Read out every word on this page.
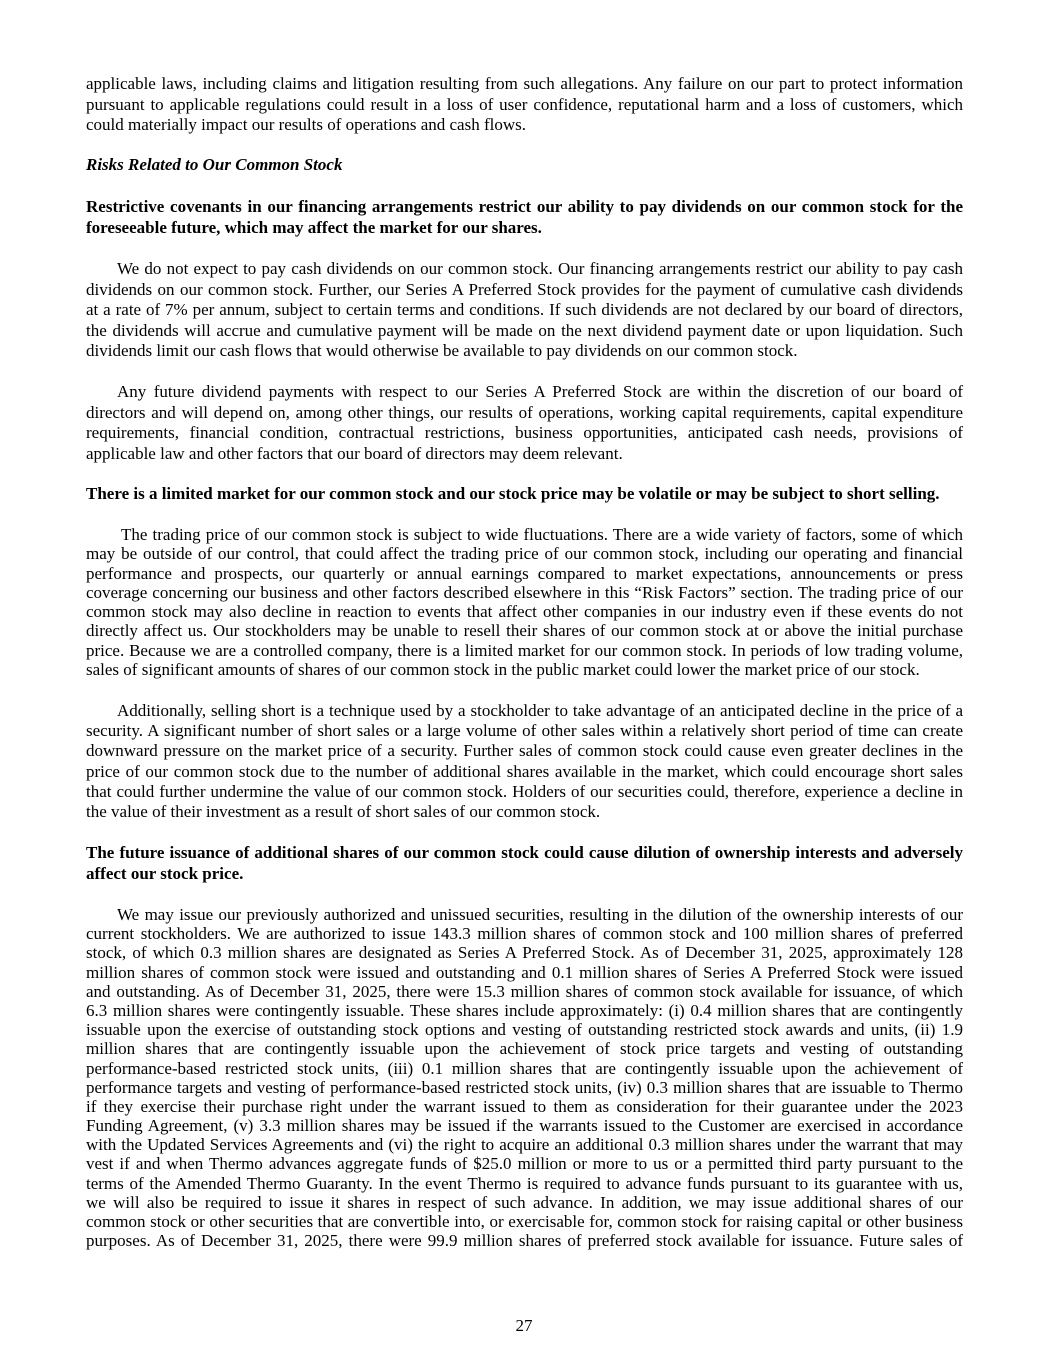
applicable laws, including claims and litigation resulting from such allegations. Any failure on our part to protect information
pursuant to applicable regulations could result in a loss of user confidence, reputational harm and a loss of customers, which
could materially impact our results of operations and cash flows.
Risks Related to Our Common Stock
Restrictive covenants in our financing arrangements restrict our ability to pay dividends on our common stock for the
foreseeable future, which may affect the market for our shares.
We do not expect to pay cash dividends on our common stock. Our financing arrangements restrict our ability to pay cash
dividends on our common stock. Further, our Series A Preferred Stock provides for the payment of cumulative cash dividends
at a rate of 7% per annum, subject to certain terms and conditions. If such dividends are not declared by our board of directors,
the dividends will accrue and cumulative payment will be made on the next dividend payment date or upon liquidation. Such
dividends limit our cash flows that would otherwise be available to pay dividends on our common stock.
Any future dividend payments with respect to our Series A Preferred Stock are within the discretion of our board of
directors and will depend on, among other things, our results of operations, working capital requirements, capital expenditure
requirements, financial condition, contractual restrictions, business opportunities, anticipated cash needs, provisions of
applicable law and other factors that our board of directors may deem relevant.
There is a limited market for our common stock and our stock price may be volatile or may be subject to short selling.
The trading price of our common stock is subject to wide fluctuations. There are a wide variety of factors, some of which
may be outside of our control, that could affect the trading price of our common stock, including our operating and financial
performance and prospects, our quarterly or annual earnings compared to market expectations, announcements or press
coverage concerning our business and other factors described elsewhere in this “Risk Factors” section. The trading price of our
common stock may also decline in reaction to events that affect other companies in our industry even if these events do not
directly affect us. Our stockholders may be unable to resell their shares of our common stock at or above the initial purchase
price. Because we are a controlled company, there is a limited market for our common stock. In periods of low trading volume,
sales of significant amounts of shares of our common stock in the public market could lower the market price of our stock.
Additionally, selling short is a technique used by a stockholder to take advantage of an anticipated decline in the price of a
security. A significant number of short sales or a large volume of other sales within a relatively short period of time can create
downward pressure on the market price of a security. Further sales of common stock could cause even greater declines in the
price of our common stock due to the number of additional shares available in the market, which could encourage short sales
that could further undermine the value of our common stock. Holders of our securities could, therefore, experience a decline in
the value of their investment as a result of short sales of our common stock.
The future issuance of additional shares of our common stock could cause dilution of ownership interests and adversely
affect our stock price.
We may issue our previously authorized and unissued securities, resulting in the dilution of the ownership interests of our
current stockholders. We are authorized to issue 143.3 million shares of common stock and 100 million shares of preferred
stock, of which 0.3 million shares are designated as Series A Preferred Stock. As of December 31, 2025, approximately 128
million shares of common stock were issued and outstanding and 0.1 million shares of Series A Preferred Stock were issued
and outstanding. As of December 31, 2025, there were 15.3 million shares of common stock available for issuance, of which
6.3 million shares were contingently issuable. These shares include approximately: (i) 0.4 million shares that are contingently
issuable upon the exercise of outstanding stock options and vesting of outstanding restricted stock awards and units, (ii) 1.9
million shares that are contingently issuable upon the achievement of stock price targets and vesting of outstanding
performance-based restricted stock units, (iii) 0.1 million shares that are contingently issuable upon the achievement of
performance targets and vesting of performance-based restricted stock units, (iv) 0.3 million shares that are issuable to Thermo
if they exercise their purchase right under the warrant issued to them as consideration for their guarantee under the 2023
Funding Agreement, (v) 3.3 million shares may be issued if the warrants issued to the Customer are exercised in accordance
with the Updated Services Agreements and (vi) the right to acquire an additional 0.3 million shares under the warrant that may
vest if and when Thermo advances aggregate funds of $25.0 million or more to us or a permitted third party pursuant to the
terms of the Amended Thermo Guaranty. In the event Thermo is required to advance funds pursuant to its guarantee with us,
we will also be required to issue it shares in respect of such advance. In addition, we may issue additional shares of our
common stock or other securities that are convertible into, or exercisable for, common stock for raising capital or other business
purposes. As of December 31, 2025, there were 99.9 million shares of preferred stock available for issuance. Future sales of
27
